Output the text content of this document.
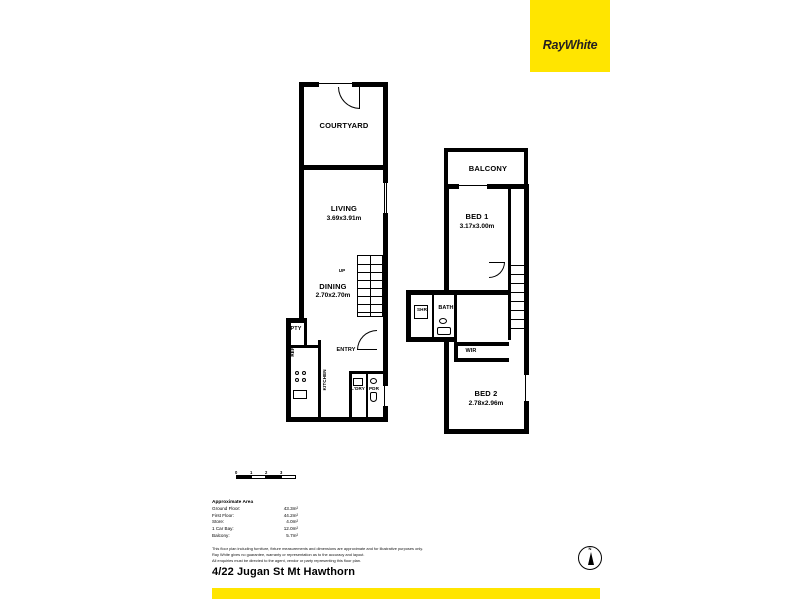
RayWhite
COURTYARD
LIVING
3.69x3.91m
DINING
2.70x2.70m
UP
PTY
REF
KITCHEN
ENTRY
L'DRY PDR
BALCONY
BED 1
3.17x3.00m	ROBE
BATH
SHR
WIR
BED 2
2.78x2.96m
0	1	2	3
Approximate Area
Ground Floor:	43.3m²
First Floor:	44.2m²
Store:	4.0m²
1 Car Bay:	12.0m²
Balcony:	5.7m²
This floor plan including furniture, fixture measurements and dimensions are approximate and for illustrative purposes only.
Ray White gives no guarantee, warranty or representation as to the accuracy and layout.
All enquiries must be directed to the agent, vendor or party representing this floor plan.
N
4/22 Jugan St Mt Hawthorn
